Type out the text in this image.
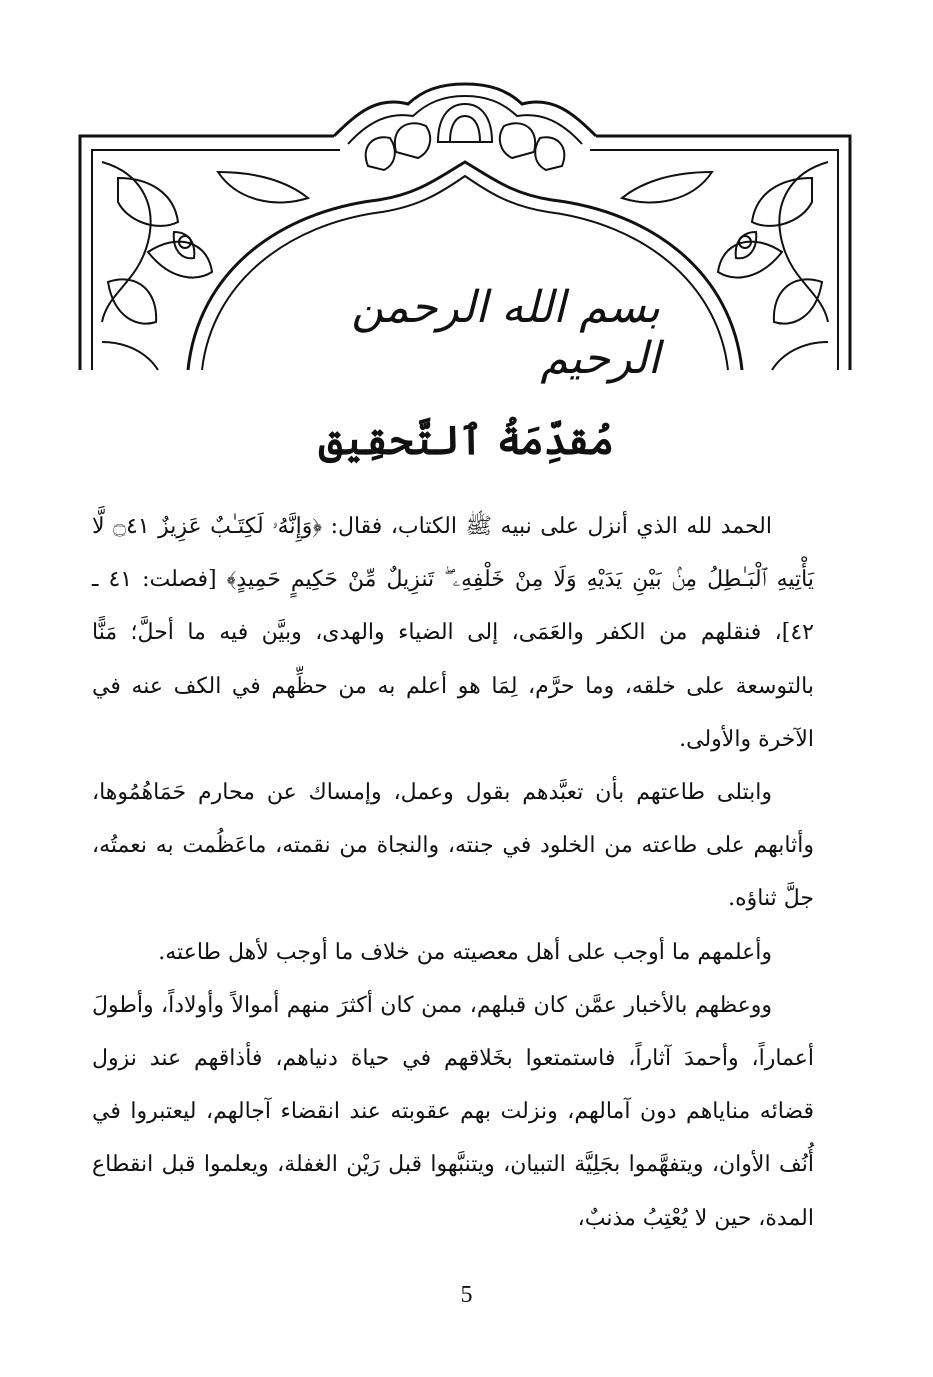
بسم الله الرحمن الرحيم
مُقدِّمَةُ ٱلتَّحقِيق

الحمد لله الذي أنزل على نبيه ﷺ الكتاب، فقال: ﴿وَإِنَّهُۥ لَكِتَـٰبٌ عَزِيزٌ ۝٤١ لَّا يَأْتِيهِ ٱلْبَـٰطِلُ مِنۢ بَيْنِ يَدَيْهِ وَلَا مِنْ خَلْفِهِۦ ۖ تَنزِيلٌ مِّنْ حَكِيمٍ حَمِيدٍ﴾ [فصلت: ٤١ ـ ٤٢]، فنقلهم من الكفر والعَمَى، إلى الضياء والهدى، وبيَّن فيه ما أحلَّ؛ مَنًّا بالتوسعة على خلقه، وما حرَّم، لِمَا هو أعلم به من حظِّهم في الكف عنه في الآخرة والأولى.

وابتلى طاعتهم بأن تعبَّدهم بقول وعمل، وإمساك عن محارم حَمَاهُمُوها، وأثابهم على طاعته من الخلود في جنته، والنجاة من نقمته، ماعَظُمت به نعمتُه، جلَّ ثناؤه.

وأعلمهم ما أوجب على أهل معصيته من خلاف ما أوجب لأهل طاعته.

ووعظهم بالأخبار عمَّن كان قبلهم، ممن كان أكثرَ منهم أموالاً وأولاداً، وأطولَ أعماراً، وأحمدَ آثاراً، فاستمتعوا بخَلاقهم في حياة دنياهم، فأذاقهم عند نزول قضائه مناياهم دون آمالهم، ونزلت بهم عقوبته عند انقضاء آجالهم، ليعتبروا في أُنُف الأوان، ويتفهَّموا بجَلِيَّة التبيان، ويتنبَّهوا قبل رَيْن الغفلة، ويعلموا قبل انقطاع المدة، حين لا يُعْتِبُ مذنبٌ،

5
